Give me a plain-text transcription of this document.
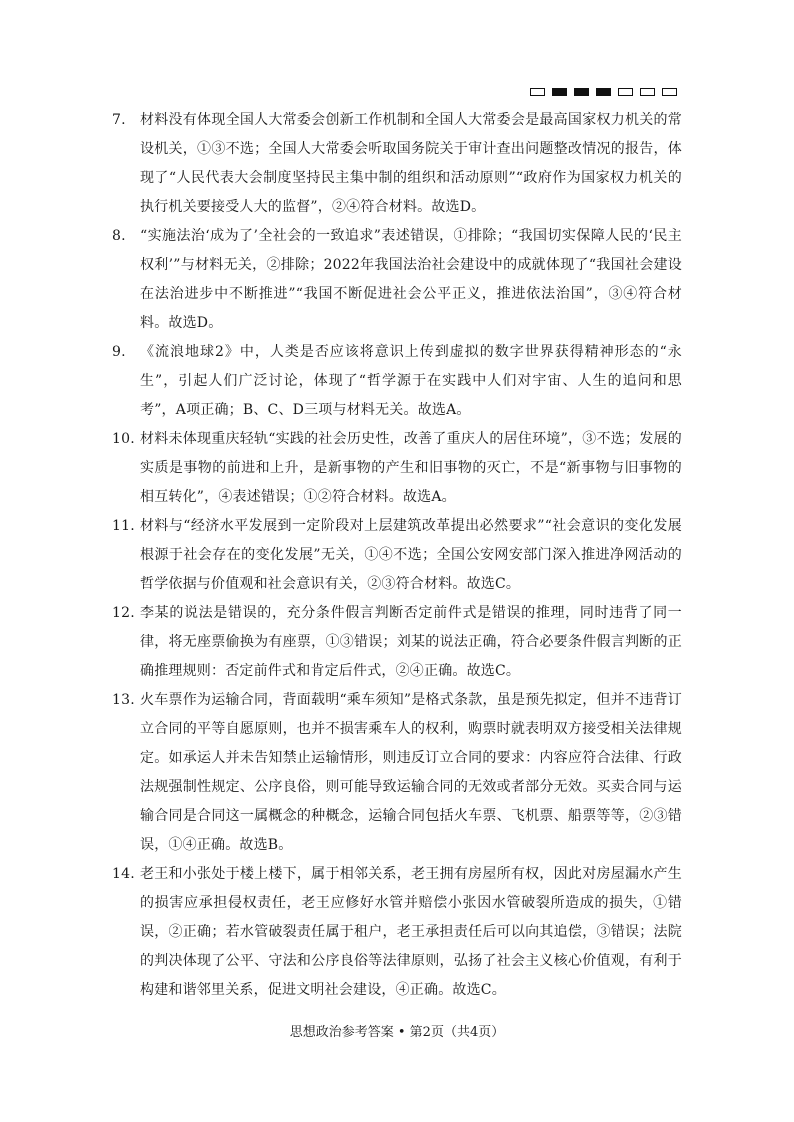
7.	材料没有体现全国人大常委会创新工作机制和全国人大常委会是最高国家权力机关的常设机关，①③不选；全国人大常委会听取国务院关于审计查出问题整改情况的报告，体现了“人民代表大会制度坚持民主集中制的组织和活动原则”“政府作为国家权力机关的执行机关要接受人大的监督”，②④符合材料。故选D。
8.	“实施法治‘成为了’全社会的一致追求”表述错误，①排除；“我国切实保障人民的‘民主权利’”与材料无关，②排除；2022年我国法治社会建设中的成就体现了“我国社会建设在法治进步中不断推进”“我国不断促进社会公平正义，推进依法治国”，③④符合材料。故选D。
9.	《流浪地球2》中，人类是否应该将意识上传到虚拟的数字世界获得精神形态的“永生”，引起人们广泛讨论，体现了“哲学源于在实践中人们对宇宙、人生的追问和思考”，A项正确；B、C、D三项与材料无关。故选A。
10. 材料未体现重庆轻轨“实践的社会历史性，改善了重庆人的居住环境”，③不选；发展的实质是事物的前进和上升，是新事物的产生和旧事物的灭亡，不是“新事物与旧事物的相互转化”，④表述错误；①②符合材料。故选A。
11. 材料与“经济水平发展到一定阶段对上层建筑改革提出必然要求”“社会意识的变化发展根源于社会存在的变化发展”无关，①④不选；全国公安网安部门深入推进净网活动的哲学依据与价值观和社会意识有关，②③符合材料。故选C。
12. 李某的说法是错误的，充分条件假言判断否定前件式是错误的推理，同时违背了同一律，将无座票偷换为有座票，①③错误；刘某的说法正确，符合必要条件假言判断的正确推理规则：否定前件式和肯定后件式，②④正确。故选C。
13. 火车票作为运输合同，背面载明“乘车须知”是格式条款，虽是预先拟定，但并不违背订立合同的平等自愿原则，也并不损害乘车人的权利，购票时就表明双方接受相关法律规定。如承运人并未告知禁止运输情形，则违反订立合同的要求：内容应符合法律、行政法规强制性规定、公序良俗，则可能导致运输合同的无效或者部分无效。买卖合同与运输合同是合同这一属概念的种概念，运输合同包括火车票、飞机票、船票等等，②③错误，①④正确。故选B。
14. 老王和小张处于楼上楼下，属于相邻关系，老王拥有房屋所有权，因此对房屋漏水产生的损害应承担侵权责任，老王应修好水管并赔偿小张因水管破裂所造成的损失，①错误，②正确；若水管破裂责任属于租户，老王承担责任后可以向其追偿，③错误；法院的判决体现了公平、守法和公序良俗等法律原则，弘扬了社会主义核心价值观，有利于构建和谐邻里关系，促进文明社会建设，④正确。故选C。
思想政治参考答案 • 第2页（共4页）
